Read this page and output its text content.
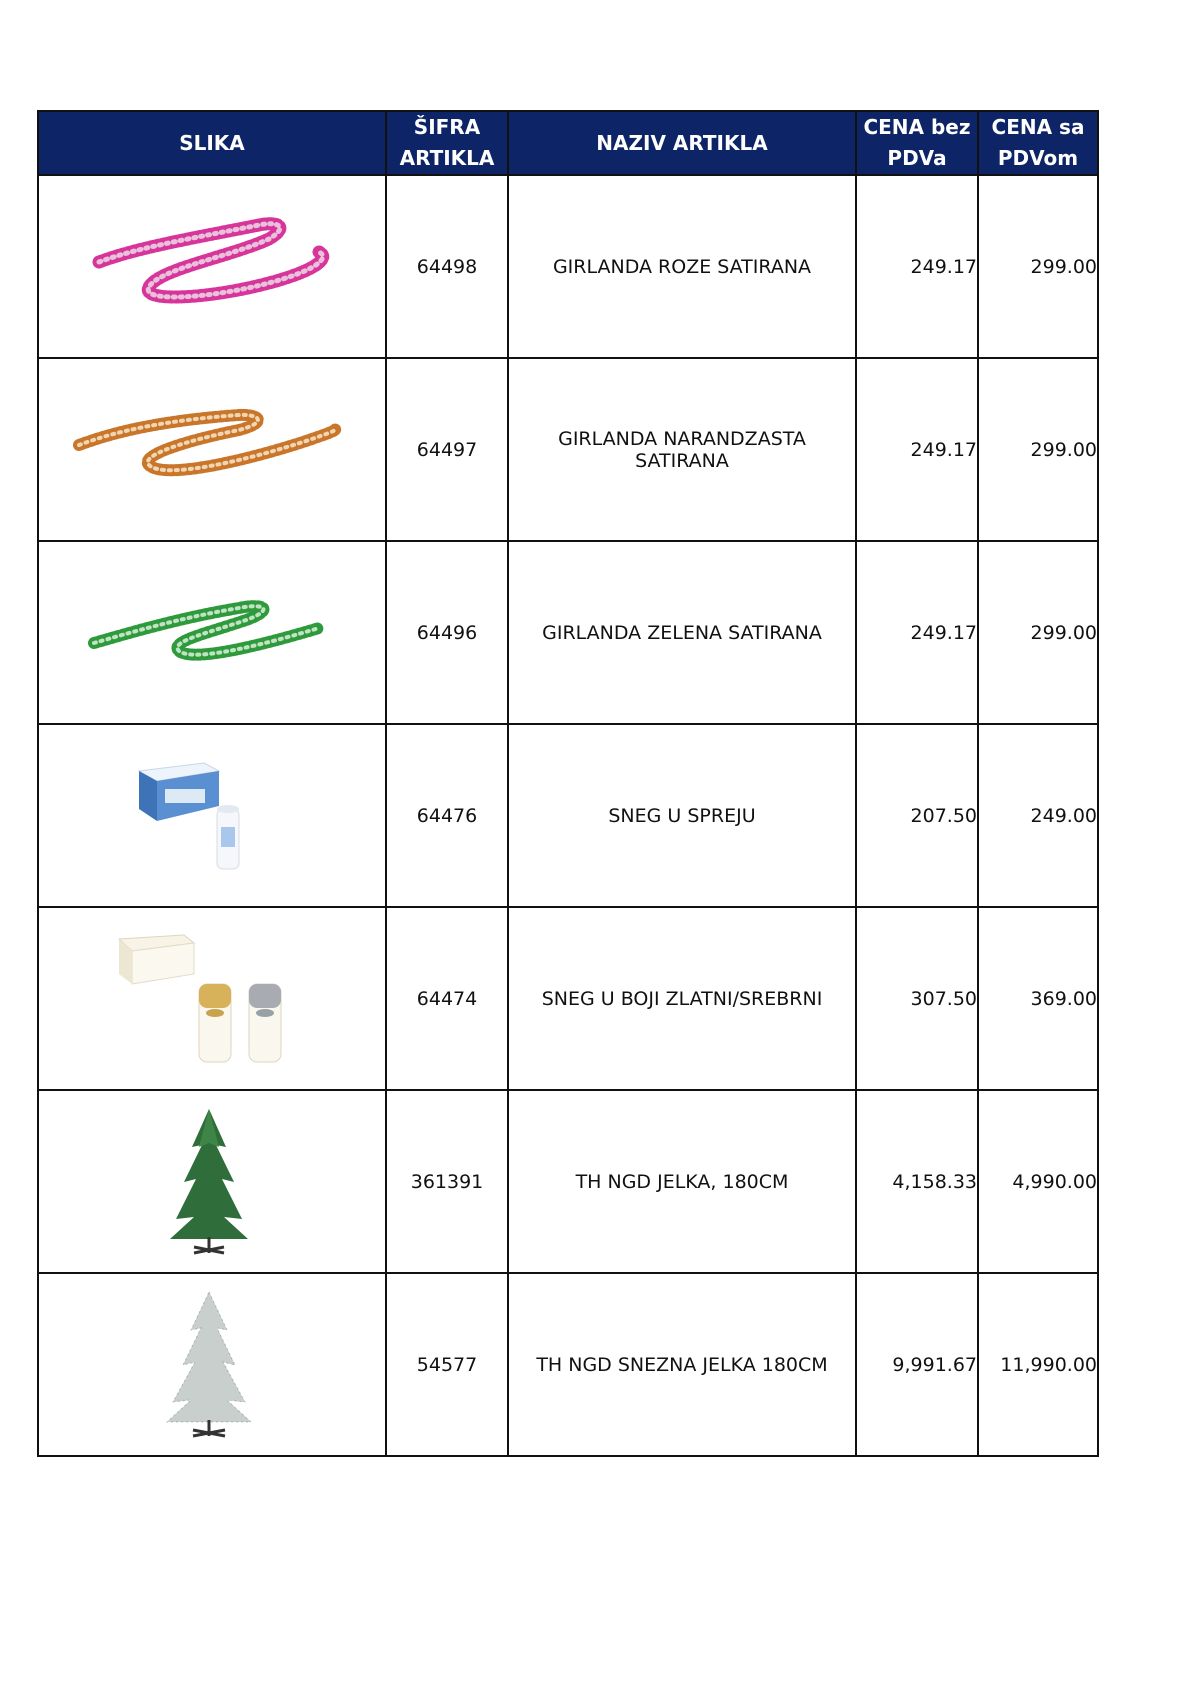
SLIKA	ŠIFRA ARTIKLA	NAZIV ARTIKLA	CENA bez PDVa	CENA sa PDVom

	64498	GIRLANDA ROZE SATIRANA	249.17	299.00

	64497	GIRLANDA NARANDZASTA SATIRANA	249.17	299.00

	64496	GIRLANDA ZELENA SATIRANA	249.17	299.00

	64476	SNEG U SPREJU	207.50	249.00

	64474	SNEG U BOJI ZLATNI/SREBRNI	307.50	369.00

	361391	TH NGD JELKA, 180CM	4,158.33	4,990.00

	54577	TH NGD SNEZNA JELKA 180CM	9,991.67	11,990.00
